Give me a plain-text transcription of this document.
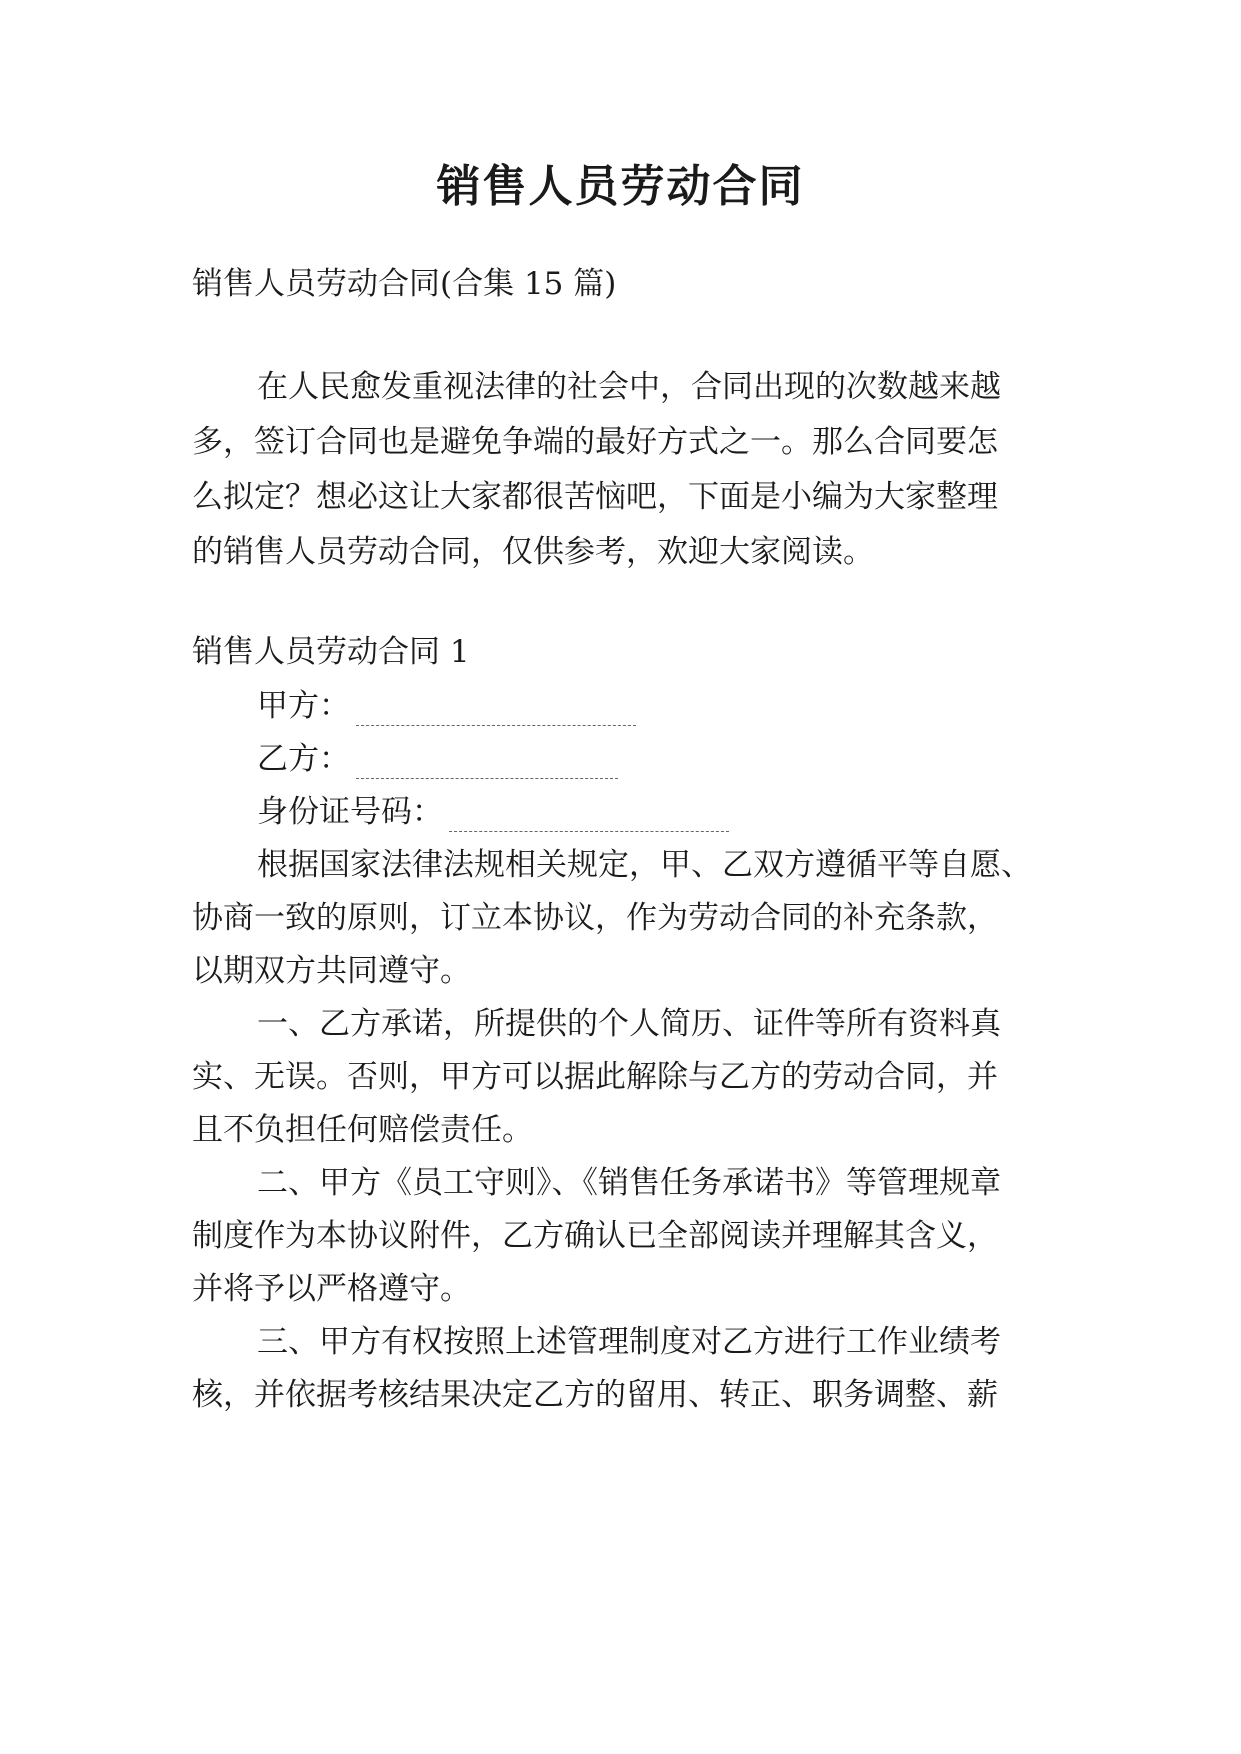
销售人员劳动合同

销售人员劳动合同(合集 15 篇)

在人民愈发重视法律的社会中，合同出现的次数越来越

多，签订合同也是避免争端的最好方式之一。那么合同要怎

么拟定？想必这让大家都很苦恼吧，下面是小编为大家整理

的销售人员劳动合同，仅供参考，欢迎大家阅读。

销售人员劳动合同 1

甲方：

乙方：

身份证号码：

根据国家法律法规相关规定，甲、乙双方遵循平等自愿、

协商一致的原则，订立本协议，作为劳动合同的补充条款，

以期双方共同遵守。

一、乙方承诺，所提供的个人简历、证件等所有资料真

实、无误。否则，甲方可以据此解除与乙方的劳动合同，并

且不负担任何赔偿责任。

二、甲方《员工守则》、《销售任务承诺书》等管理规章

制度作为本协议附件，乙方确认已全部阅读并理解其含义，

并将予以严格遵守。

三、甲方有权按照上述管理制度对乙方进行工作业绩考

核，并依据考核结果决定乙方的留用、转正、职务调整、薪
